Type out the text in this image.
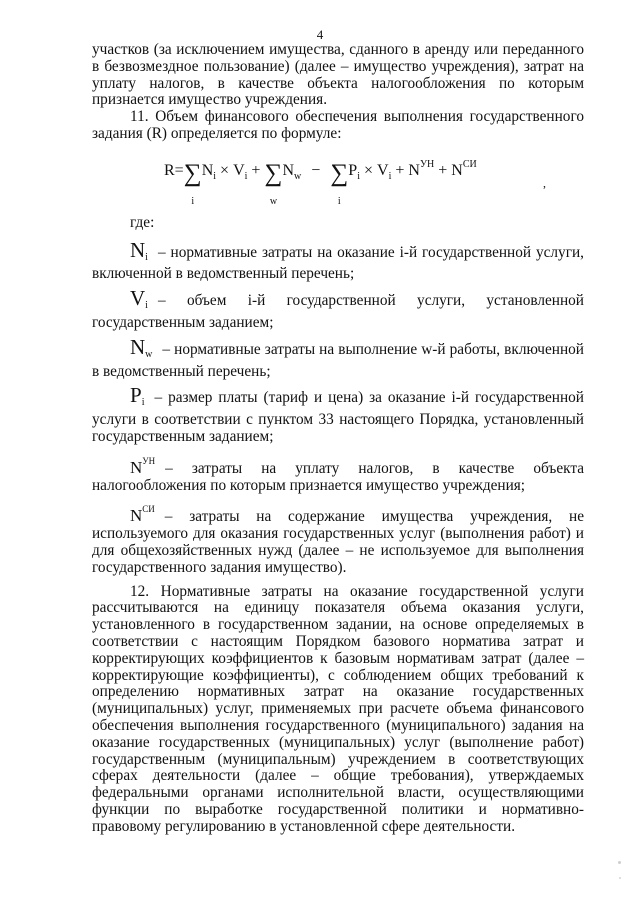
4

участков (за исключением имущества, сданного в аренду или переданного в безвозмездное пользование) (далее – имущество учреждения), затрат на уплату налогов, в качестве объекта налогообложения по которым признается имущество учреждения.

11. Объем финансового обеспечения выполнения государственного задания (R) определяется по формуле:

R=∑
i
$N_i \times V_i$ + ∑
w
$N_w$ − ∑
i
$P_i \times V_i + N^{УН} + N^{СИ}$
,

где:

$N_i$ – нормативные затраты на оказание i-й государственной услуги, включенной в ведомственный перечень;

$V_i$ – объем i-й государственной услуги, установленной государственным заданием;

$N_w$ – нормативные затраты на выполнение w-й работы, включенной в ведомственный перечень;

$P_i$ – размер платы (тариф и цена) за оказание i-й государственной услуги в соответствии с пунктом 33 настоящего Порядка, установленный государственным заданием;

$N^{УН}$ – затраты на уплату налогов, в качестве объекта налогообложения по которым признается имущество учреждения;

$N^{СИ}$ – затраты на содержание имущества учреждения, не используемого для оказания государственных услуг (выполнения работ) и для общехозяйственных нужд (далее – не используемое для выполнения государственного задания имущество).

12. Нормативные затраты на оказание государственной услуги рассчитываются на единицу показателя объема оказания услуги, установленного в государственном задании, на основе определяемых в соответствии с настоящим Порядком базового норматива затрат и корректирующих коэффициентов к базовым нормативам затрат (далее – корректирующие коэффициенты), с соблюдением общих требований к определению нормативных затрат на оказание государственных (муниципальных) услуг, применяемых при расчете объема финансового обеспечения выполнения государственного (муниципального) задания на оказание государственных (муниципальных) услуг (выполнение работ) государственным (муниципальным) учреждением в соответствующих сферах деятельности (далее – общие требования), утверждаемых федеральными органами исполнительной власти, осуществляющими функции по выработке государственной политики и нормативно-правовому регулированию в установленной сфере деятельности.
